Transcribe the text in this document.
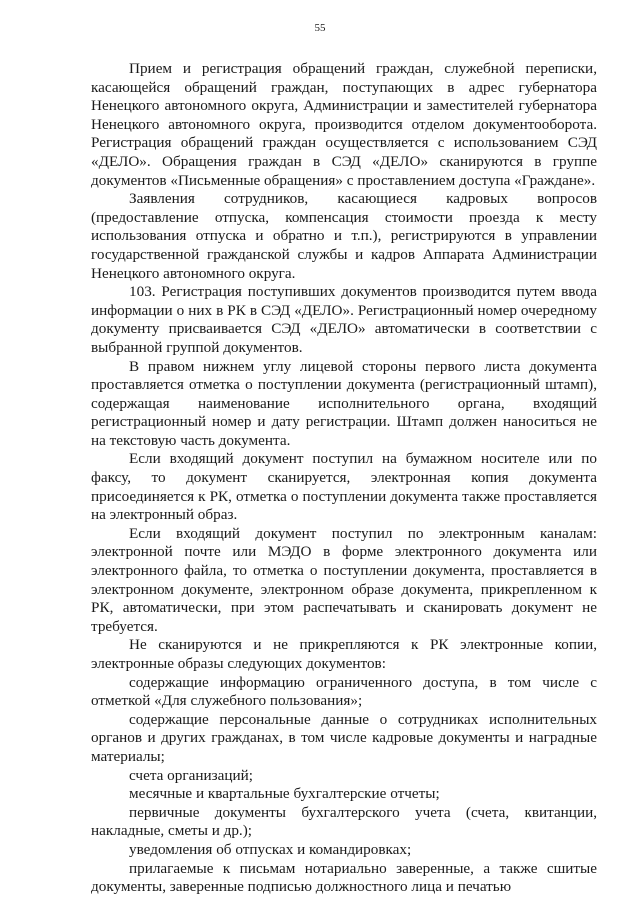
55

Прием и регистрация обращений граждан, служебной переписки, касающейся обращений граждан, поступающих в адрес губернатора Ненецкого автономного округа, Администрации и заместителей губернатора Ненецкого автономного округа, производится отделом документооборота. Регистрация обращений граждан осуществляется с использованием СЭД «ДЕЛО». Обращения граждан в СЭД «ДЕЛО» сканируются в группе документов «Письменные обращения» с проставлением доступа «Граждане».

Заявления сотрудников, касающиеся кадровых вопросов (предоставление отпуска, компенсация стоимости проезда к месту использования отпуска и обратно и т.п.), регистрируются в управлении государственной гражданской службы и кадров Аппарата Администрации Ненецкого автономного округа.

103. Регистрация поступивших документов производится путем ввода информации о них в РК в СЭД «ДЕЛО». Регистрационный номер очередному документу присваивается СЭД «ДЕЛО» автоматически в соответствии с выбранной группой документов.

В правом нижнем углу лицевой стороны первого листа документа проставляется отметка о поступлении документа (регистрационный штамп), содержащая наименование исполнительного органа, входящий регистрационный номер и дату регистрации. Штамп должен наноситься не на текстовую часть документа.

Если входящий документ поступил на бумажном носителе или по факсу, то документ сканируется, электронная копия документа присоединяется к РК, отметка о поступлении документа также проставляется на электронный образ.

Если входящий документ поступил по электронным каналам: электронной почте или МЭДО в форме электронного документа или электронного файла, то отметка о поступлении документа, проставляется в электронном документе, электронном образе документа, прикрепленном к РК, автоматически, при этом распечатывать и сканировать документ не требуется.

Не сканируются и не прикрепляются к РК электронные копии, электронные образы следующих документов:

содержащие информацию ограниченного доступа, в том числе с отметкой «Для служебного пользования»;

содержащие персональные данные о сотрудниках исполнительных органов и других гражданах, в том числе кадровые документы и наградные материалы;

счета организаций;

месячные и квартальные бухгалтерские отчеты;

первичные документы бухгалтерского учета (счета, квитанции, накладные, сметы и др.);

уведомления об отпусках и командировках;

прилагаемые к письмам нотариально заверенные, а также сшитые документы, заверенные подписью должностного лица и печатью
